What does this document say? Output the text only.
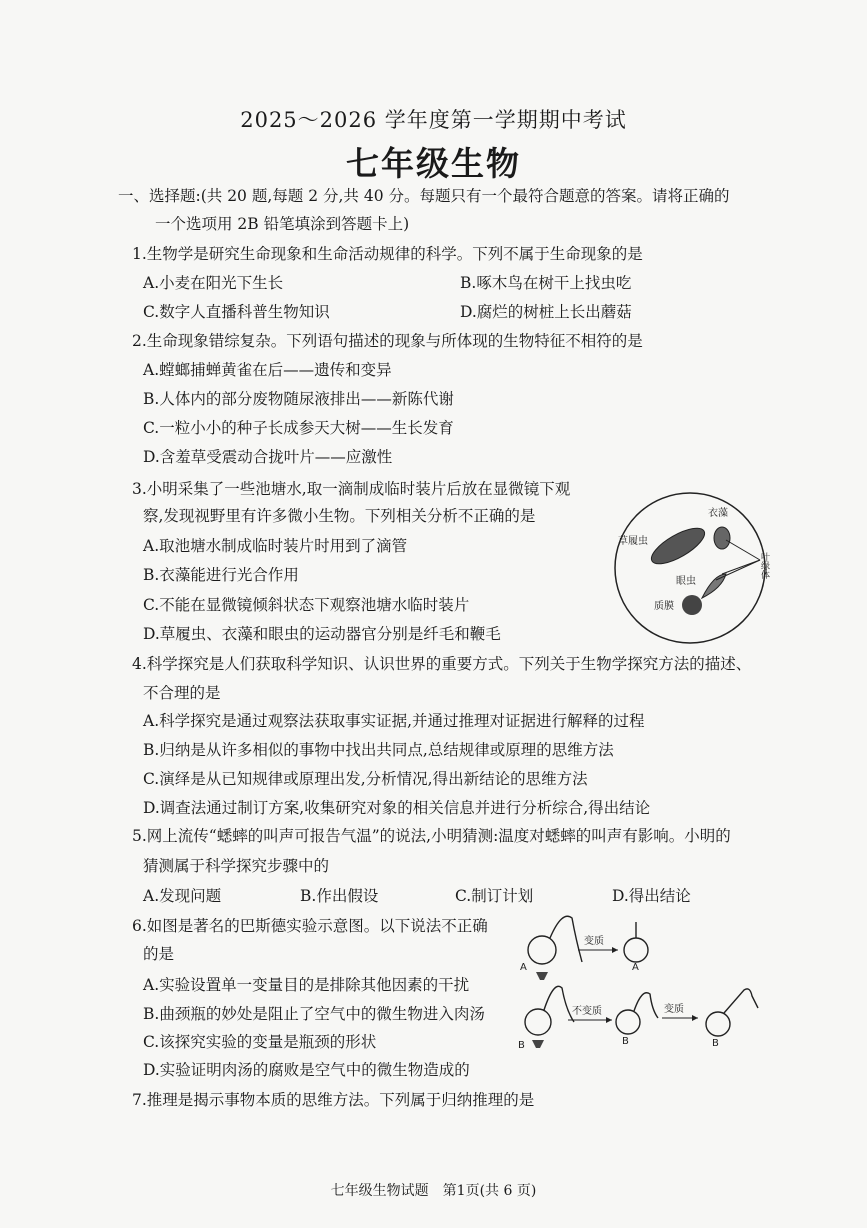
2025～2026 学年度第一学期期中考试
七年级生物
一、选择题:(共 20 题,每题 2 分,共 40 分。每题只有一个最符合题意的答案。请将正确的
一个选项用 2B 铅笔填涂到答题卡上)
1.生物学是研究生命现象和生命活动规律的科学。下列不属于生命现象的是
A.小麦在阳光下生长	B.啄木鸟在树干上找虫吃
C.数字人直播科普生物知识	D.腐烂的树桩上长出蘑菇
2.生命现象错综复杂。下列语句描述的现象与所体现的生物特征不相符的是
A.螳螂捕蝉黄雀在后——遗传和变异
B.人体内的部分废物随尿液排出——新陈代谢
C.一粒小小的种子长成参天大树——生长发育
D.含羞草受震动合拢叶片——应激性
3.小明采集了一些池塘水,取一滴制成临时装片后放在显微镜下观
察,发现视野里有许多微小生物。下列相关分析不正确的是
A.取池塘水制成临时装片时用到了滴管
B.衣藻能进行光合作用
C.不能在显微镜倾斜状态下观察池塘水临时装片
D.草履虫、衣藻和眼虫的运动器官分别是纤毛和鞭毛
草履虫
衣藻
眼虫
质膜
叶绿体
4.科学探究是人们获取科学知识、认识世界的重要方式。下列关于生物学探究方法的描述、
不合理的是
A.科学探究是通过观察法获取事实证据,并通过推理对证据进行解释的过程
B.归纳是从许多相似的事物中找出共同点,总结规律或原理的思维方法
C.演绎是从已知规律或原理出发,分析情况,得出新结论的思维方法
D.调查法通过制订方案,收集研究对象的相关信息并进行分析综合,得出结论
5.网上流传“蟋蟀的叫声可报告气温”的说法,小明猜测:温度对蟋蟀的叫声有影响。小明的
猜测属于科学探究步骤中的
A.发现问题	B.作出假设	C.制订计划	D.得出结论
6.如图是著名的巴斯德实验示意图。以下说法不正确
的是
A.实验设置单一变量目的是排除其他因素的干扰
B.曲颈瓶的妙处是阻止了空气中的微生物进入肉汤
C.该探究实验的变量是瓶颈的形状
D.实验证明肉汤的腐败是空气中的微生物造成的
A
变质
A
B
不变质
B
变质
B
7.推理是揭示事物本质的思维方法。下列属于归纳推理的是
七年级生物试题　第1页(共 6 页)
